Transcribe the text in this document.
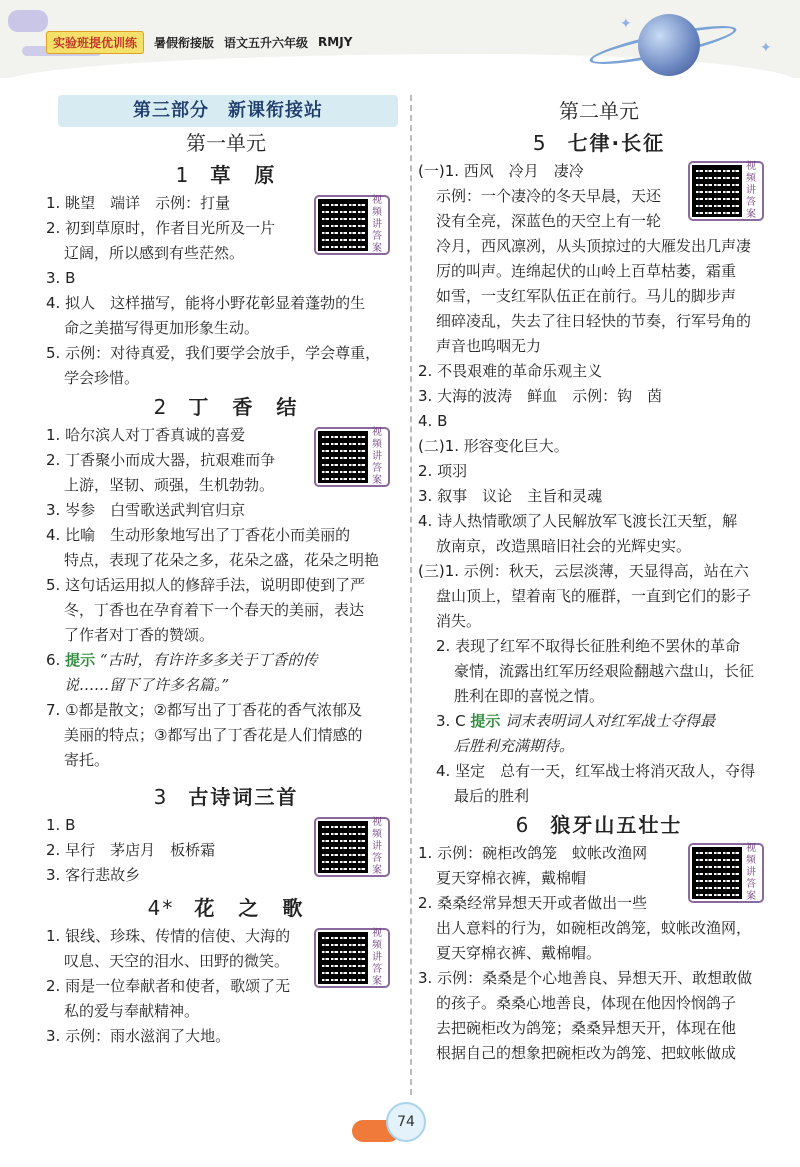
实验班提优训练	暑假衔接版 语文五升六年级 RMJY
✦
✦
第三部分　新课衔接站
第一单元
1 草　原
视频讲答案
1. 眺望　端详　示例：打量
2. 初到草原时，作者目光所及一片
辽阔，所以感到有些茫然。
3. B
4. 拟人　这样描写，能将小野花彰显着蓬勃的生
命之美描写得更加形象生动。
5. 示例：对待真爱，我们要学会放手，学会尊重，
学会珍惜。
2 丁　香　结
视频讲答案
1. 哈尔滨人对丁香真诚的喜爱
2. 丁香聚小而成大器，抗艰难而争
上游，坚韧、顽强，生机勃勃。
3. 岑参　白雪歌送武判官归京
4. 比喻　生动形象地写出了丁香花小而美丽的
特点，表现了花朵之多，花朵之盛，花朵之明艳
5. 这句话运用拟人的修辞手法，说明即使到了严
冬，丁香也在孕育着下一个春天的美丽，表达
了作者对丁香的赞颂。
6. 提示 “古时，有许许多多关于丁香的传
说……留下了许多名篇。”
7. ①都是散文；②都写出了丁香花的香气浓郁及
美丽的特点；③都写出了丁香花是人们情感的
寄托。
3 古诗词三首
视频讲答案
1. B
2. 早行　茅店月　板桥霜
3. 客行悲故乡
4* 花　之　歌
视频讲答案
1. 银线、珍珠、传情的信使、大海的
叹息、天空的泪水、田野的微笑。
2. 雨是一位奉献者和使者，歌颂了无
私的爱与奉献精神。
3. 示例：雨水滋润了大地。
第二单元
5 七律·长征
视频讲答案
(一)1. 西风　冷月　凄冷
示例：一个凄冷的冬天早晨，天还
没有全亮，深蓝色的天空上有一轮
冷月，西风凛冽，从头顶掠过的大雁发出几声凄
厉的叫声。连绵起伏的山岭上百草枯萎，霜重
如雪，一支红军队伍正在前行。马儿的脚步声
细碎凌乱，失去了往日轻快的节奏，行军号角的
声音也呜咽无力
2. 不畏艰难的革命乐观主义
3. 大海的波涛　鲜血　示例：钩　茵
4. B
(二)1. 形容变化巨大。
2. 项羽
3. 叙事　议论　主旨和灵魂
4. 诗人热情歌颂了人民解放军飞渡长江天堑，解
放南京，改造黑暗旧社会的光辉史实。
(三)1. 示例：秋天，云层淡薄，天显得高，站在六
盘山顶上，望着南飞的雁群，一直到它们的影子
消失。
2. 表现了红军不取得长征胜利绝不罢休的革命
豪情，流露出红军历经艰险翻越六盘山，长征
胜利在即的喜悦之情。
3. C 提示 词末表明词人对红军战士夺得最
后胜利充满期待。
4. 坚定　总有一天，红军战士将消灭敌人，夺得
最后的胜利
6 狼牙山五壮士
视频讲答案
1. 示例：碗柜改鸽笼　蚊帐改渔网
夏天穿棉衣裤，戴棉帽
2. 桑桑经常异想天开或者做出一些
出人意料的行为，如碗柜改鸽笼，蚊帐改渔网，
夏天穿棉衣裤、戴棉帽。
3. 示例：桑桑是个心地善良、异想天开、敢想敢做
的孩子。桑桑心地善良，体现在他因怜悯鸽子
去把碗柜改为鸽笼；桑桑异想天开，体现在他
根据自己的想象把碗柜改为鸽笼、把蚊帐做成
74
